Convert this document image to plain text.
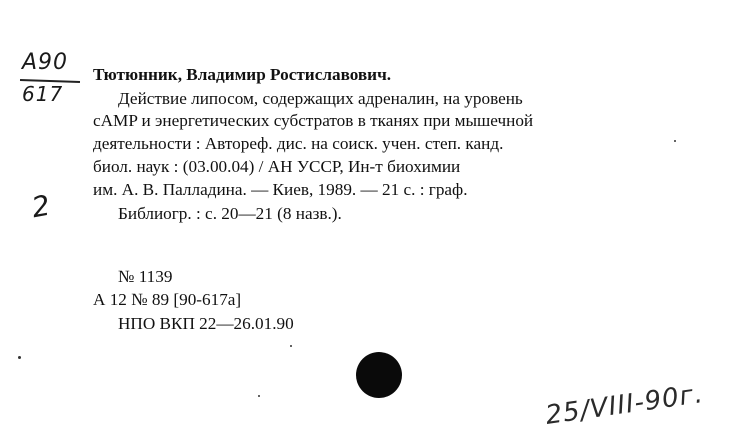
A90
617
2
Тютюнник, Владимир Ростиславович.
Действие липосом, содержащих адреналин, на уровень
cAMP и энергетических субстратов в тканях при мышечной
деятельности : Автореф. дис. на соиск. учен. степ. канд.
биол. наук : (03.00.04) / АН УССР, Ин-т биохимии
им. А. В. Палладина. — Киев, 1989. — 21 с. : граф.
Библиогр. : с. 20—21 (8 назв.).
№ 1139
А 12 № 89 [90-617а]
НПО ВКП 22—26.01.90
25/VIII-90г.
